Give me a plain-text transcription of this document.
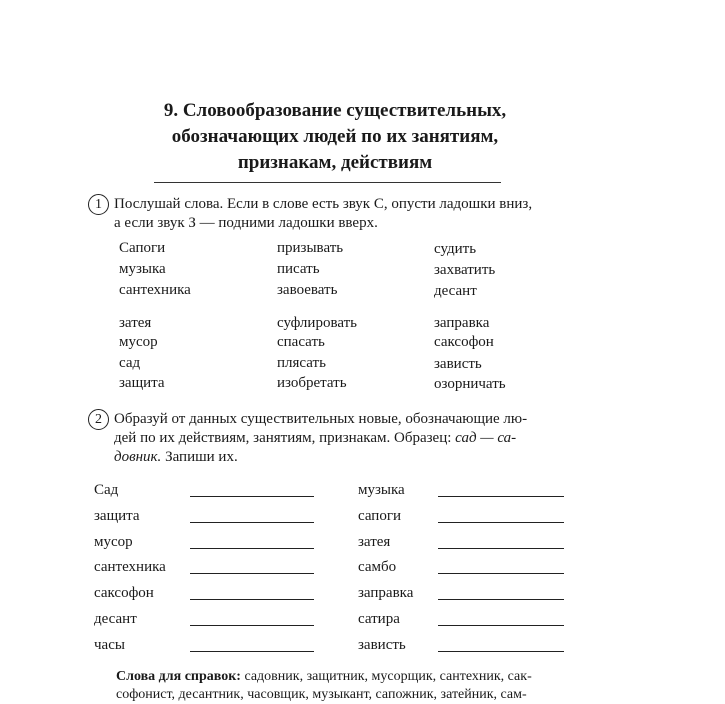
9. Словообразование существительных,
обозначающих людей по их занятиям,
признакам, действиям
1 Послушай слова. Если в слове есть звук С, опусти ладошки вниз,
а если звук З — подними ладошки вверх.
Сапоги
музыка
сантехника
затея
мусор
сад
защита
призывать
писать
завоевать
суфлировать
спасать
плясать
изобретать
судить
захватить
десант
заправка
саксофон
зависть
озорничать
2 Образуй от данных существительных новые, обозначающие лю-
дей по их действиям, занятиям, признакам. Образец: сад — са-
довник. Запиши их.
Сад
защита
мусор
сантехника
саксофон
десант
часы
музыка
сапоги
затея
самбо
заправка
сатира
зависть
Слова для справок: садовник, защитник, мусорщик, сантехник, сак-
софонист, десантник, часовщик, музыкант, сапожник, затейник, сам-
